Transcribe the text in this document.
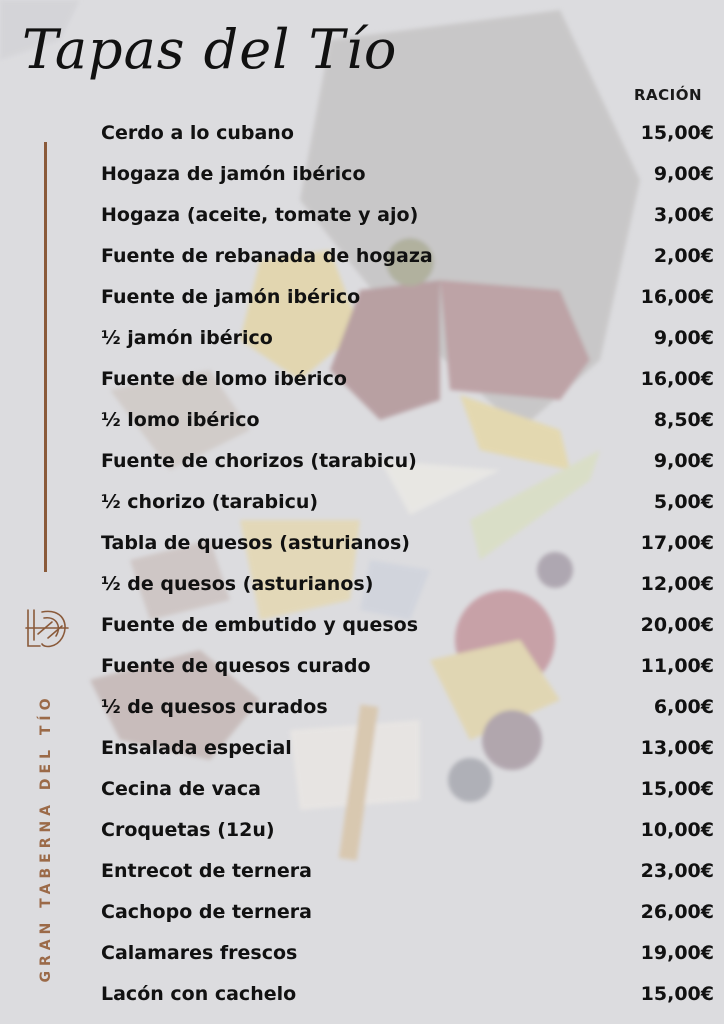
Tapas del Tío
RACIÓN
GRAN TABERNA DEL TÍO
Cerdo a lo cubano	15,00€
Hogaza de jamón ibérico	9,00€
Hogaza (aceite, tomate y ajo)	3,00€
Fuente de rebanada de hogaza	2,00€
Fuente de jamón ibérico	16,00€
½ jamón ibérico	9,00€
Fuente de lomo ibérico	16,00€
½ lomo ibérico	8,50€
Fuente de chorizos (tarabicu)	9,00€
½ chorizo (tarabicu)	5,00€
Tabla de quesos (asturianos)	17,00€
½ de quesos (asturianos)	12,00€
Fuente de embutido y quesos	20,00€
Fuente de quesos curado	11,00€
½ de quesos curados	6,00€
Ensalada especial	13,00€
Cecina de vaca	15,00€
Croquetas (12u)	10,00€
Entrecot de ternera	23,00€
Cachopo de ternera	26,00€
Calamares frescos	19,00€
Lacón con cachelo	15,00€
